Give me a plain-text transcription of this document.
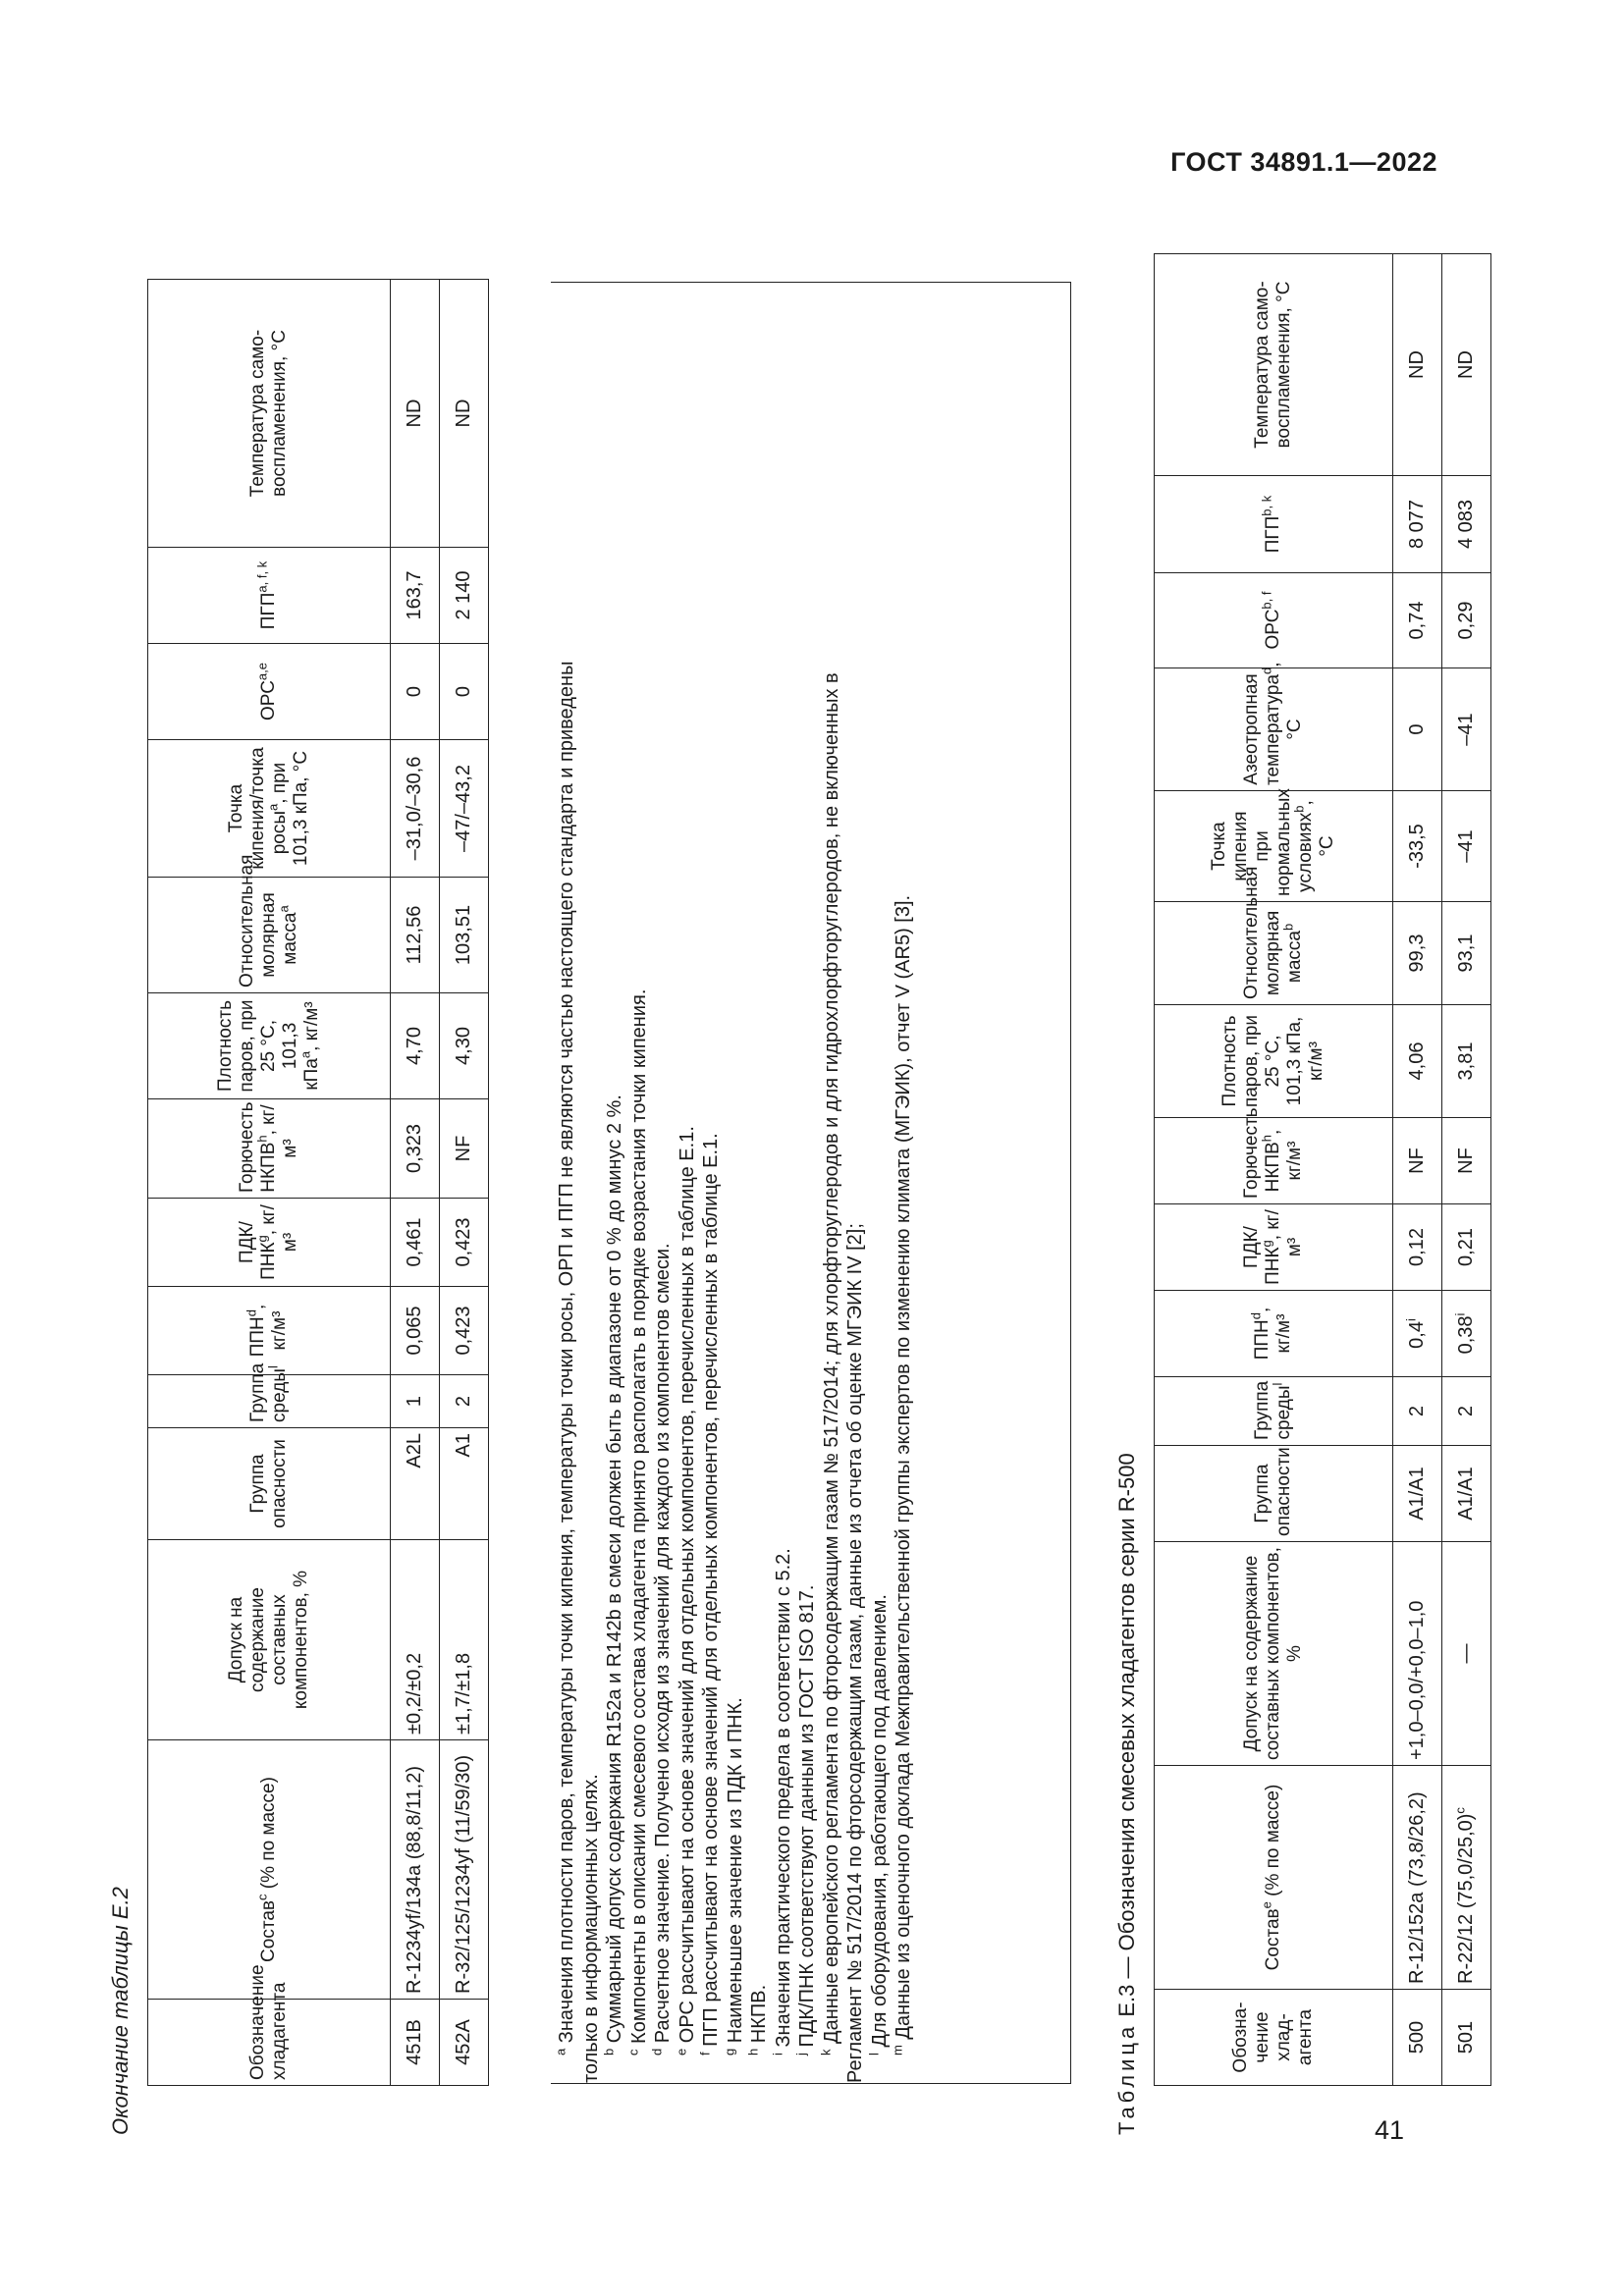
ГОСТ 34891.1—2022
Окончание таблицы Е.2	Обозначение хладагента	Состав$^c$ (% по массе)	Допуск на содержание составных компонентов, %	Группа опасности	Группа среды$^l$	ППН$^d$, кг/м³	ПДК/ПНК$^g$, кг/м³	Горючесть НКПВ$^h$, кг/м³	Плотность паров, при 25 °С, 101,3 кПа$^a$, кг/м³	Относительная молярная масса$^a$	Точка кипения/точка росы$^a$, при 101,3 кПа, °С	ОРС$^{a,e}$	ПГП$^{a, f, k}$	Температура само-воспламенения, °С
451B	R-1234yf/134a (88,8/11,2)	±0,2/±0,2	A2L	1	0,065	0,461	0,323	4,70	112,56	–31,0/–30,6	0	163,7	ND
452A	R-32/125/1234yf (11/59/30)	±1,7/±1,8	A1	2	0,423	0,423	NF	4,30	103,51	–47/–43,2	0	2 140	ND
$^a$ Значения плотности паров, температуры точки кипения, температуры точки росы, ОРП и ПГП не являются частью настоящего стандарта и приведены только в информационных целях. $^b$ Суммарный допуск содержания R152a и R142b в смеси должен быть в диапазоне от 0 % до минус 2 %.
$^c$ Компоненты в описании смесевого состава хладагента принято располагать в порядке возрастания точки кипения.
$^d$ Расчетное значение. Получено исходя из значений для каждого из компонентов смеси.
$^e$ ОРС рассчитывают на основе значений для отдельных компонентов, перечисленных в таблице Е.1.
$^f$ ПГП рассчитывают на основе значений для отдельных компонентов, перечисленных в таблице Е.1.
$^g$ Наименьшее значение из ПДК и ПНК.
$^h$ НКПВ.
$^i$ Значения практического предела в соответствии с 5.2.
$^j$ ПДК/ПНК соответствуют данным из ГОСТ ISO 817. $^k$ Данные европейского регламента по фторсодержащим газам № 517/2014; для хлорфторуглеродов и для гидрохлорфторуглеродов, не включенных в Регламент № 517/2014 по фторсодержащим газам, данные из отчета об оценке МГЭИК IV [2]; $^l$ Для оборудования, работающего под давлением. $^m$ Данные из оценочного доклада Межправительственной группы экспертов по изменению климата (МГЭИК), отчет V (AR5) [3].
Таблица Е.3 — Обозначения смесевых хладагентов серии R-500
Обозна-чение хлад-агента	Состав$^e$ (% по массе)	Допуск на содержание составных компонентов, %	Группа опасности	Группа среды$^l$	ППН$^d$, кг/м³	ПДК/ПНК$^g$, кг/м³	Горючесть НКПВ$^h$, кг/м³	Плотность паров, при 25 °С, 101,3 кПа, кг/м³	Относительная молярная масса$^b$	Точка кипения при нормальных условиях$^b$, °С	Азеотропная температура$^d$, °С	ОРС$^{b, f}$	ПГП$^{b, k}$	Температура само-воспламенения, °С
500	R-12/152a (73,8/26,2)	+1,0–0,0/+0,0–1,0	A1/A1	2	0,4$^i$	0,12	NF	4,06	99,3	-33,5	0	0,74	8 077	ND
501	R-22/12 $(75,0/25,0)^c$	—	A1/A1	2	0,38$^i$	0,21	NF	3,81	93,1	–41	–41	0,29	4 083	ND
41
